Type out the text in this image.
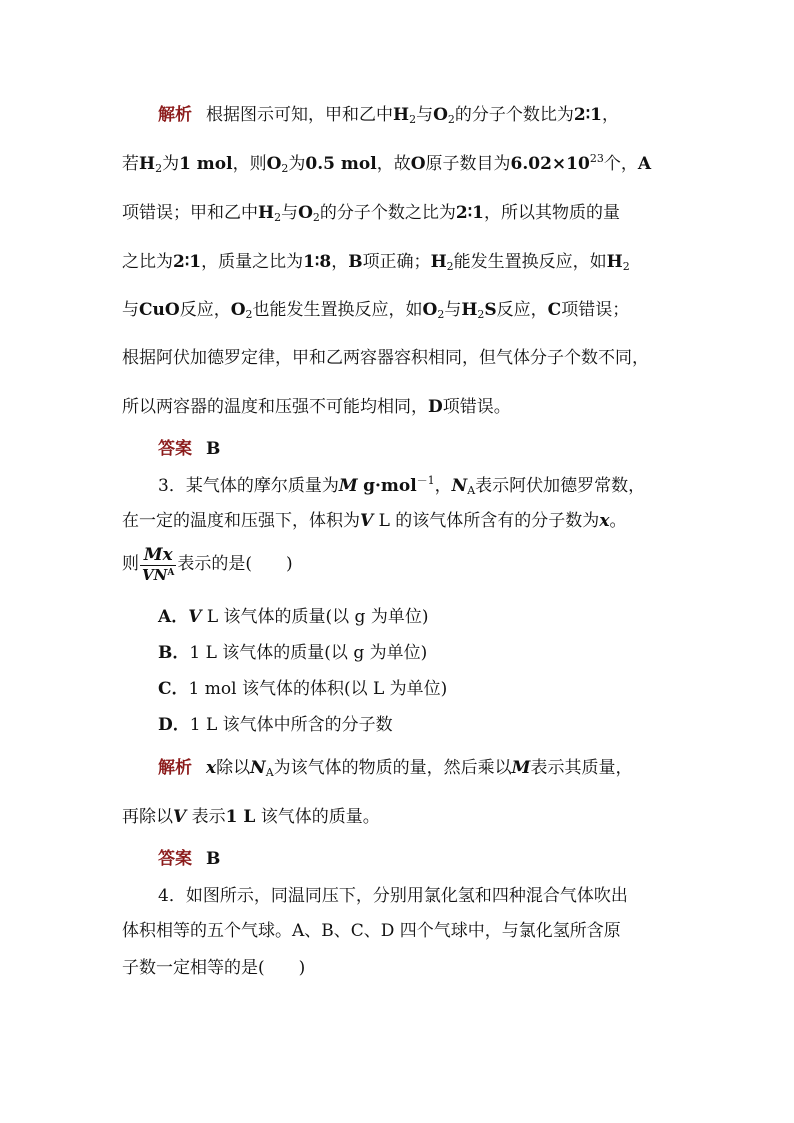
解析 根据图示可知，甲和乙中$H_2$与$O_2$的分子个数比为2∶1，
若$H_2$为1 mol，则$O_2$为0.5 mol，故O原子数目为$6.02\times 10^{23}$个，A
项错误；甲和乙中$H_2$与$O_2$的分子个数之比为2∶1，所以其物质的量
之比为2∶1，质量之比为1∶8，B项正确；$H_2$能发生置换反应，如$H_2$
与CuO反应，$O_2$也能发生置换反应，如$O_2$与$H_2S$反应，C项错误；
根据阿伏加德罗定律，甲和乙两容器容积相同，但气体分子个数不同，
所以两容器的温度和压强不可能均相同，D项错误。
答案 B
3．某气体的摩尔质量为M g·mol$^{-1}$，$N_A$表示阿伏加德罗常数，
在一定的温度和压强下，体积为V L 的该气体所含有的分子数为x。
则 $\frac{Mx}{VN^A}$ 表示的是(　　)
A．V L 该气体的质量(以 g 为单位)
B．1 L 该气体的质量(以 g 为单位)
C．1 mol 该气体的体积(以 L 为单位)
D．1 L 该气体中所含的分子数
解析 x除以$N_A$为该气体的物质的量，然后乘以M表示其质量，
再除以V 表示1 L 该气体的质量。
答案 B
4．如图所示，同温同压下，分别用氯化氢和四种混合气体吹出
体积相等的五个气球。A、B、C、D 四个气球中，与氯化氢所含原
子数一定相等的是(　　)
